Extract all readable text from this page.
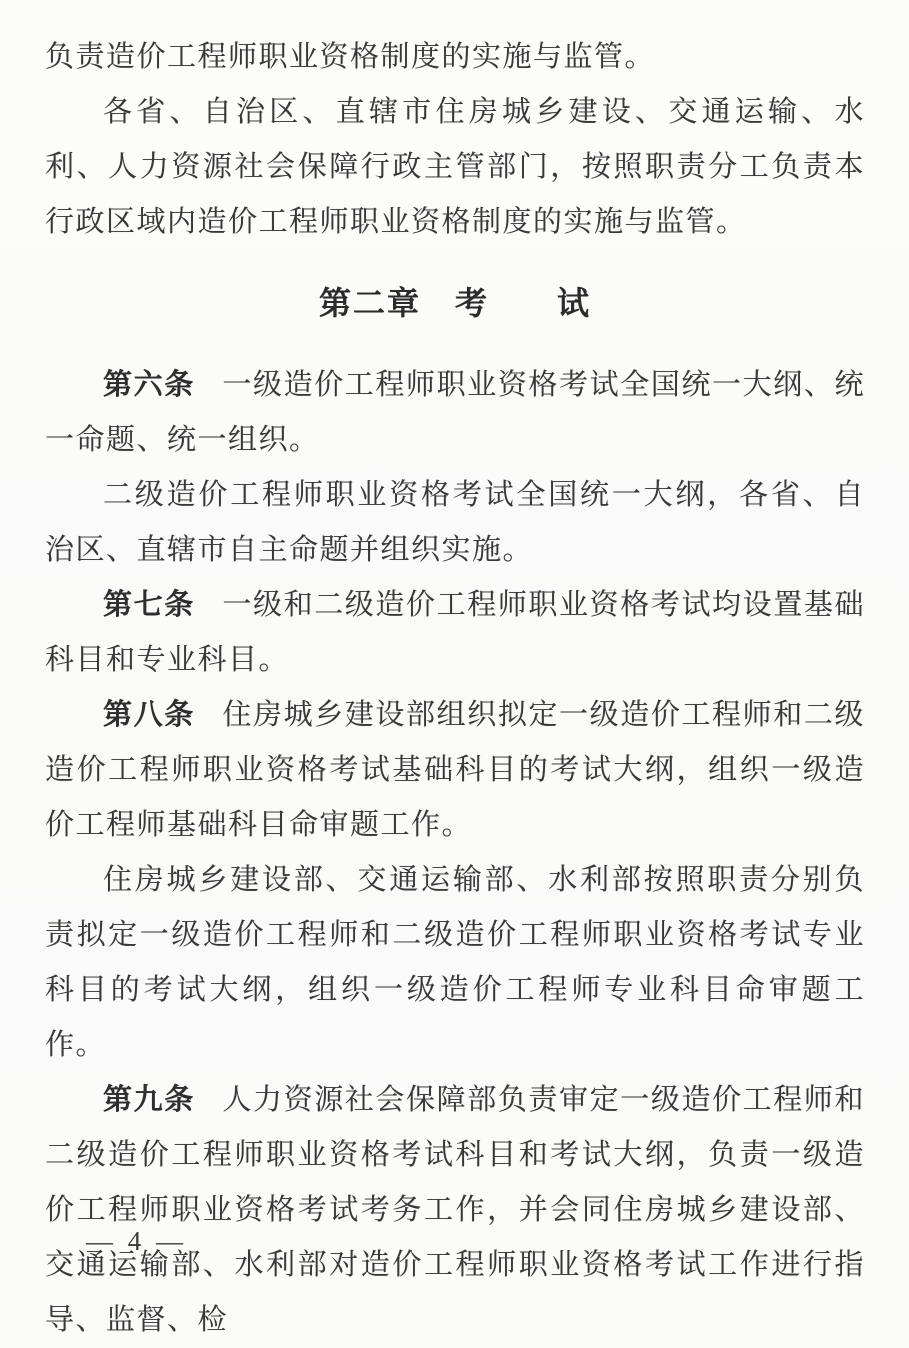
负责造价工程师职业资格制度的实施与监管。

各省、自治区、直辖市住房城乡建设、交通运输、水利、人力资源社会保障行政主管部门，按照职责分工负责本行政区域内造价工程师职业资格制度的实施与监管。

第二章　考　　试

第六条 一级造价工程师职业资格考试全国统一大纲、统一命题、统一组织。

二级造价工程师职业资格考试全国统一大纲，各省、自治区、直辖市自主命题并组织实施。

第七条 一级和二级造价工程师职业资格考试均设置基础科目和专业科目。

第八条 住房城乡建设部组织拟定一级造价工程师和二级造价工程师职业资格考试基础科目的考试大纲，组织一级造价工程师基础科目命审题工作。

住房城乡建设部、交通运输部、水利部按照职责分别负责拟定一级造价工程师和二级造价工程师职业资格考试专业科目的考试大纲，组织一级造价工程师专业科目命审题工作。

第九条 人力资源社会保障部负责审定一级造价工程师和二级造价工程师职业资格考试科目和考试大纲，负责一级造价工程师职业资格考试考务工作，并会同住房城乡建设部、交通运输部、水利部对造价工程师职业资格考试工作进行指导、监督、检

— 4 —
